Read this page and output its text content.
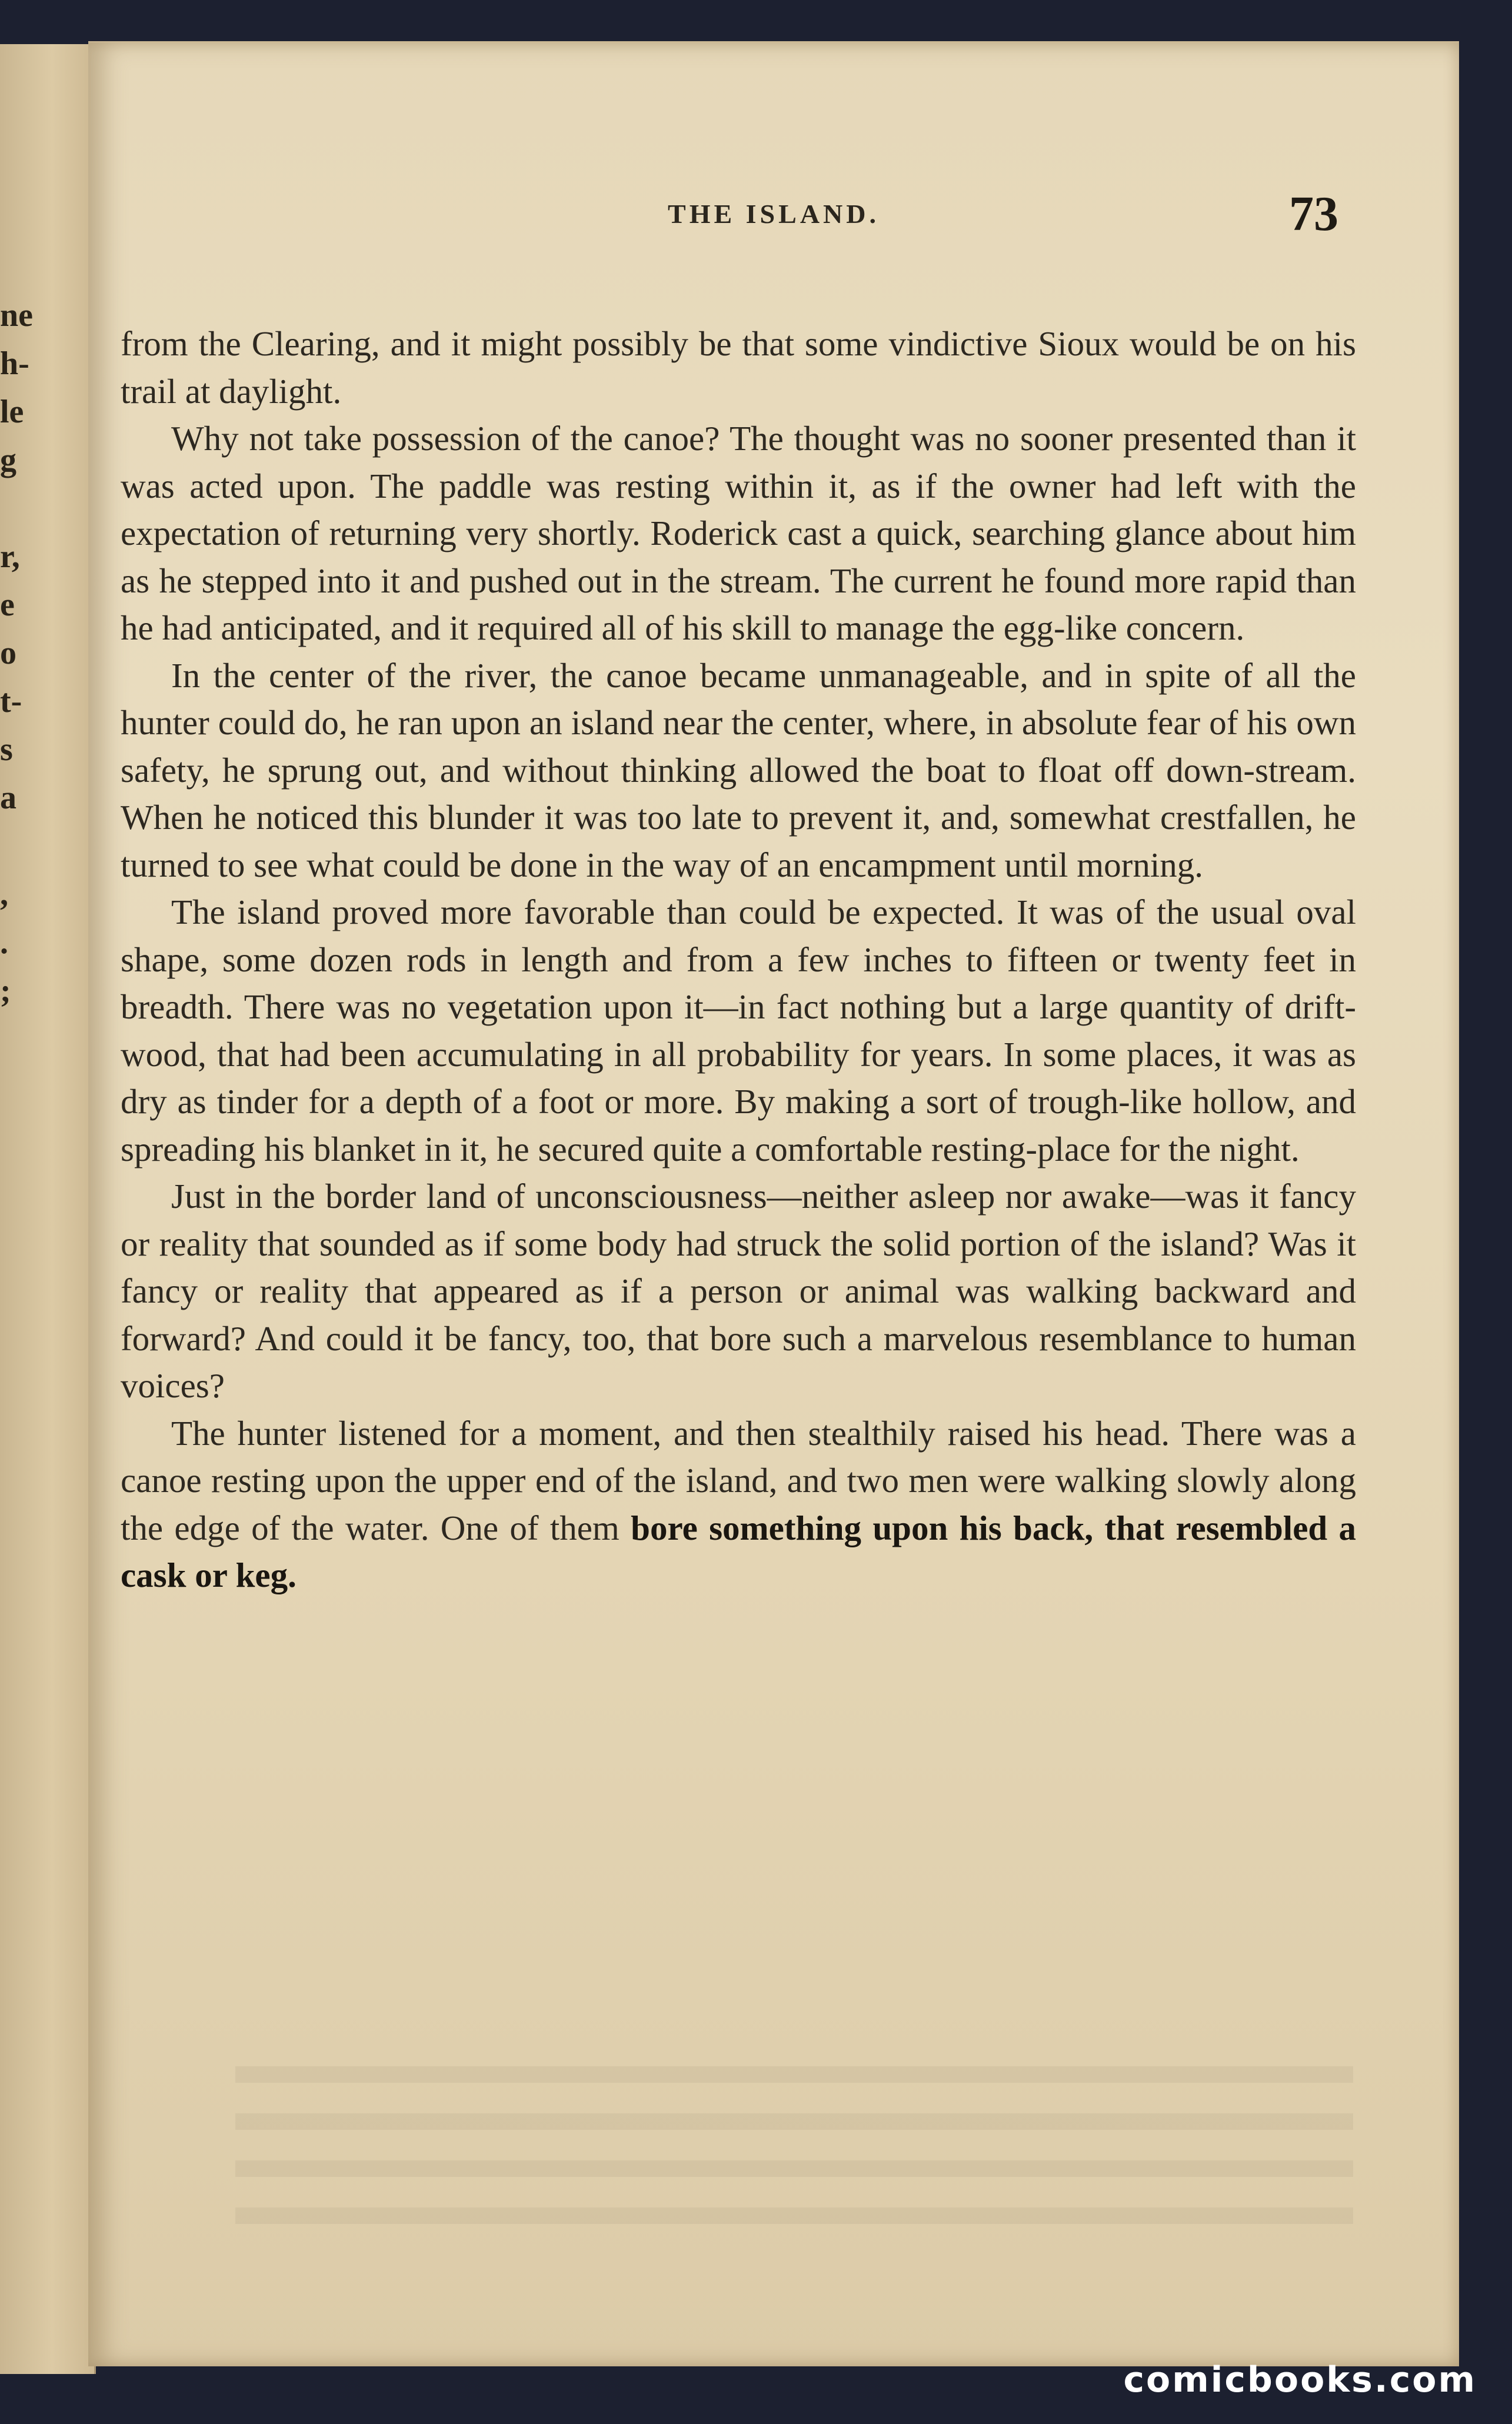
ne
h-
le
g

r,
e
o
t-
s
a

,
.
;
THE ISLAND.	73

from the Clearing, and it might possibly be that some vindictive Sioux would be on his trail at daylight.

Why not take possession of the canoe? The thought was no sooner presented than it was acted upon. The paddle was resting within it, as if the owner had left with the expectation of returning very shortly. Roderick cast a quick, searching glance about him as he stepped into it and pushed out in the stream. The current he found more rapid than he had anticipated, and it required all of his skill to manage the egg-like concern.

In the center of the river, the canoe became unmanageable, and in spite of all the hunter could do, he ran upon an island near the center, where, in absolute fear of his own safety, he sprung out, and without thinking allowed the boat to float off down-stream. When he noticed this blunder it was too late to prevent it, and, somewhat crestfallen, he turned to see what could be done in the way of an encampment until morning.

The island proved more favorable than could be expected. It was of the usual oval shape, some dozen rods in length and from a few inches to fifteen or twenty feet in breadth. There was no vegetation upon it—in fact nothing but a large quantity of drift-wood, that had been accumulating in all probability for years. In some places, it was as dry as tinder for a depth of a foot or more. By making a sort of trough-like hollow, and spreading his blanket in it, he secured quite a comfortable resting-place for the night.

Just in the border land of unconsciousness—neither asleep nor awake—was it fancy or reality that sounded as if some body had struck the solid portion of the island? Was it fancy or reality that appeared as if a person or animal was walking backward and forward? And could it be fancy, too, that bore such a marvelous resemblance to human voices?

The hunter listened for a moment, and then stealthily raised his head. There was a canoe resting upon the upper end of the island, and two men were walking slowly along the edge of the water. One of them bore something upon his back, that resembled a cask or keg.

comicbooks.com
